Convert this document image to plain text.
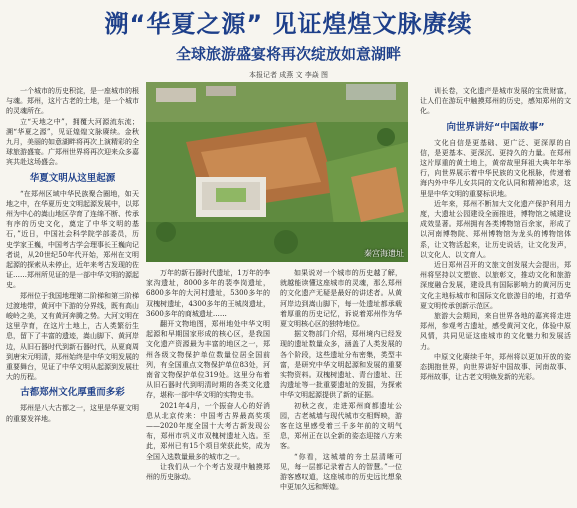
溯“华夏之源” 见证煌煌文脉赓续
全球旅游盛宴将再次绽放如意湖畔
本报记者 成燕 文 李焱 图

一个城市的历史积淀，是一座城市的根与魂。郑州，这片古老的土地，是一个城市的灵魂所在。

立“天地之中”，拥覆大河源流东流；溯“华夏之源”，见证煌煌文脉赓续。金秋九月，美丽的如意湖畔将再次上演精彩的全球旅游盛宴。广郑州世界将再次迎来众多嘉宾共赴这场盛会。

华夏文明从这里起源

“在郑州区域中华民族聚合圈地，如天地之中，在华夏历史文明起源发展中，以郑州为中心的嵩山地区孕育了连绵不断、传承有序的历史文化，奠定了中华文明的基石，”近日，中国社会科学院学部委员，历史学家王巍，中国考古学会理事长王巍向记者说，从20世纪50年代开始，郑州在文明起源的探索从未停止，近年来考古发现的佐证……郑州所见证的是一部中华文明的源起史。

郑州位于我国地理第二阶梯和第三阶梯过渡地带，黄河中下游的分界线，既有高山峻岭之美，又有黄河奔腾之势。大河文明在这里孕育，在这片土地上，古人类繁衍生息，留下了丰富的遗迹，嵩山脚下、黄河岸边，从旧石器时代到新石器时代，从夏商周到唐宋元明清，郑州始终是中华文明发展的重要舞台，见证了中华文明从起源到发展壮大的历程。

古都郑州文化厚重而多彩

郑州是八大古都之一，这里是华夏文明的重要发祥地。

秦宫海遗址

万年的新石器时代遗址，1万年的李家沟遗址，8000多年的裴李岗遗址，6800多年的大河村遗址，5300多年的双槐树遗址，4300多年的王城岗遗址，3600多年的商城遗址……

翻开文物地图，郑州地处中华文明起源和早期国家形成的核心区，是我国文化遗产资源最为丰富的地区之一，郑州各级文物保护单位数量位居全国前列，有全国重点文物保护单位83处，河南省文物保护单位319处。这里分布着从旧石器时代到明清时期的各类文化遗存，堪称一部中华文明的实物史书。

2021年4月，一个振奋人心的好消息从北京传来：中国考古界最高奖项——2020年度全国十大考古新发现公布，郑州市巩义市双槐树遗址入选。至此，郑州已有15个项目荣获此奖，成为全国入选数量最多的城市之一。

让我们从一个个考古发现中触摸郑州的历史脉动。

如果说对一个城市的历史越了解，就越能读懂这座城市的灵魂，那么郑州的文化遗产无疑是最好的讲述者。从黄河岸边到嵩山脚下，每一处遗址都承载着厚重的历史记忆，诉说着郑州作为华夏文明核心区的独特地位。

据文物部门介绍，郑州境内已经发现的遗址数量众多，涵盖了人类发展的各个阶段，这些遗址分布密集，类型丰富，是研究中华文明起源和发展的重要实物资料。双槐树遗址、青台遗址、汪沟遗址等一批重要遗址的发掘，为探索中华文明起源提供了新的证据。

初秋之夜，走进郑州商都遗址公园，古老城墙与现代城市交相辉映，游客在这里感受着三千多年前的文明气息，郑州正在以全新的姿态迎接八方来客。

“你看，这城墙的夯土层清晰可见，每一层都记录着古人的智慧。”一位游客感叹道，这座城市的历史远比想象中更加久远和辉煌。

训长卷，文化遗产是城市发展的宝贵财富，让人们在游玩中触摸郑州的历史，感知郑州的文化。

向世界讲好“中国故事”

文化自信是更基础、更广泛、更深厚的自信，是更基本、更深沉、更持久的力量。在郑州这片厚重的黄土地上，黄帝故里拜祖大典年年举行，向世界展示着中华民族的文化根脉，传递着海内外中华儿女共同的文化认同和精神追求，这里是中华文明的重要标识地。

近年来，郑州不断加大文化遗产保护利用力度，大遗址公园建设全面推进，博物馆之城建设成效显著。郑州拥有各类博物馆百余家，形成了以河南博物院、郑州博物馆为龙头的博物馆体系，让文物活起来，让历史说话，让文化发声，以文化人、以文育人。

近日郑州召开的文旅文创发展大会提出，郑州将坚持以文塑旅、以旅彰文，推动文化和旅游深度融合发展，建设具有国际影响力的黄河历史文化主地标城市和国际文化旅游目的地，打造华夏文明传承创新示范区。

旅游大会期间，来自世界各地的嘉宾将走进郑州，参观考古遗址，感受黄河文化，体验中原风情，共同见证这座城市的文化魅力和发展活力。

中原文化赓续千年，郑州将以更加开放的姿态拥抱世界，向世界讲好中国故事、河南故事、郑州故事，让古老文明焕发新的光彩。
